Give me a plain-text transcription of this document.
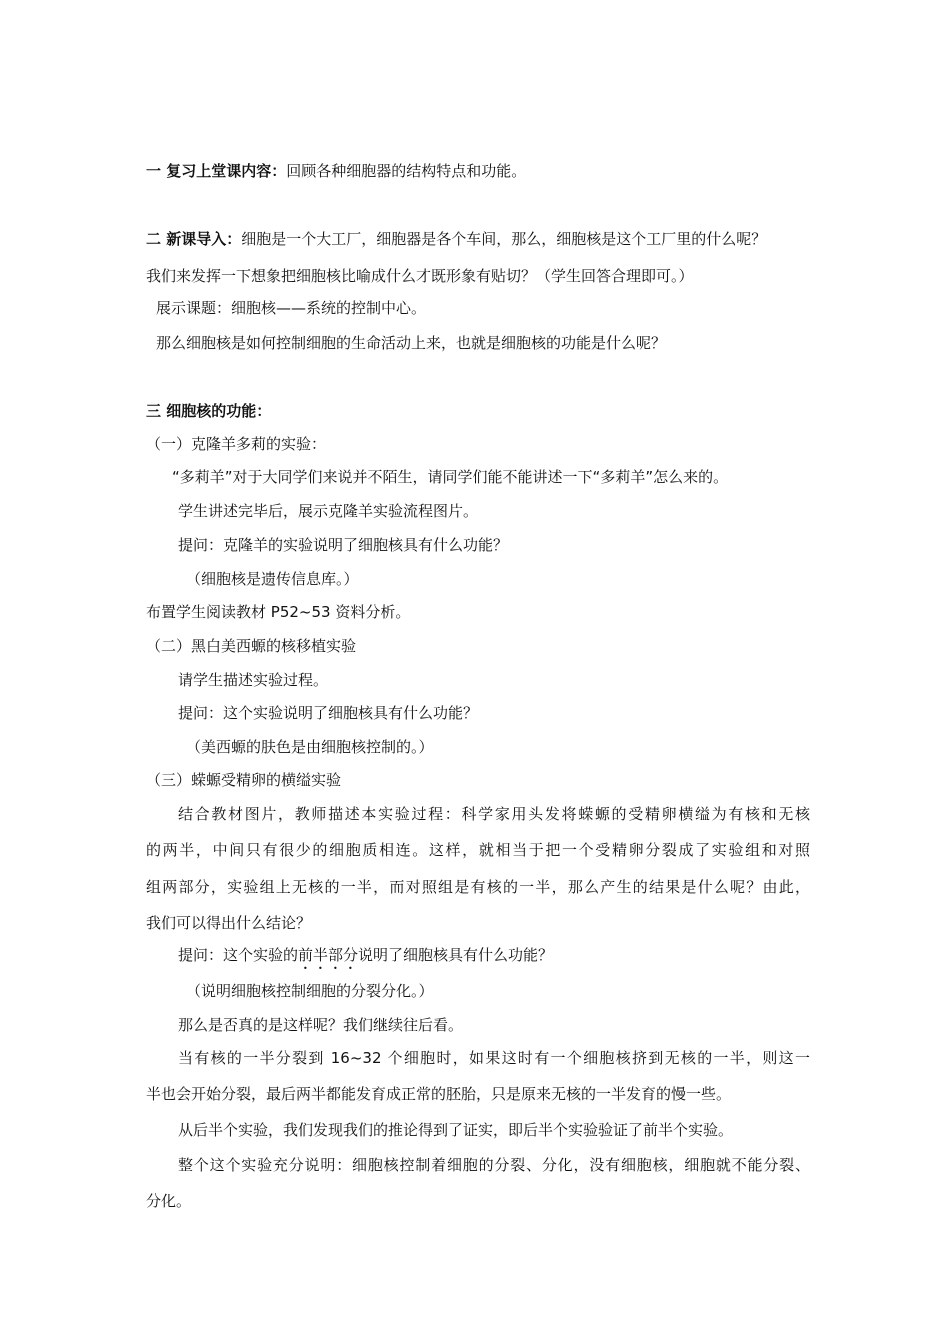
一 复习上堂课内容：回顾各种细胞器的结构特点和功能。
二 新课导入：细胞是一个大工厂，细胞器是各个车间，那么，细胞核是这个工厂里的什么呢？
我们来发挥一下想象把细胞核比喻成什么才既形象有贴切？（学生回答合理即可。）
展示课题：细胞核——系统的控制中心。
那么细胞核是如何控制细胞的生命活动上来，也就是细胞核的功能是什么呢？
三 细胞核的功能：
（一）克隆羊多莉的实验：
“多莉羊”对于大同学们来说并不陌生，请同学们能不能讲述一下“多莉羊”怎么来的。
学生讲述完毕后，展示克隆羊实验流程图片。
提问：克隆羊的实验说明了细胞核具有什么功能？
（细胞核是遗传信息库。）
布置学生阅读教材 P52~53 资料分析。
（二）黑白美西螈的核移植实验
请学生描述实验过程。
提问：这个实验说明了细胞核具有什么功能？
（美西螈的肤色是由细胞核控制的。）
（三）蝾螈受精卵的横缢实验
结合教材图片，教师描述本实验过程：科学家用头发将蝾螈的受精卵横缢为有核和无核
的两半，中间只有很少的细胞质相连。这样，就相当于把一个受精卵分裂成了实验组和对照
组两部分，实验组上无核的一半，而对照组是有核的一半，那么产生的结果是什么呢？由此，
我们可以得出什么结论？
提问：这个实验的前半部分说明了细胞核具有什么功能？
（说明细胞核控制细胞的分裂分化。）
那么是否真的是这样呢？我们继续往后看。
当有核的一半分裂到 16~32 个细胞时，如果这时有一个细胞核挤到无核的一半，则这一
半也会开始分裂，最后两半都能发育成正常的胚胎，只是原来无核的一半发育的慢一些。
从后半个实验，我们发现我们的推论得到了证实，即后半个实验验证了前半个实验。
整个这个实验充分说明：细胞核控制着细胞的分裂、分化，没有细胞核，细胞就不能分裂、
分化。
